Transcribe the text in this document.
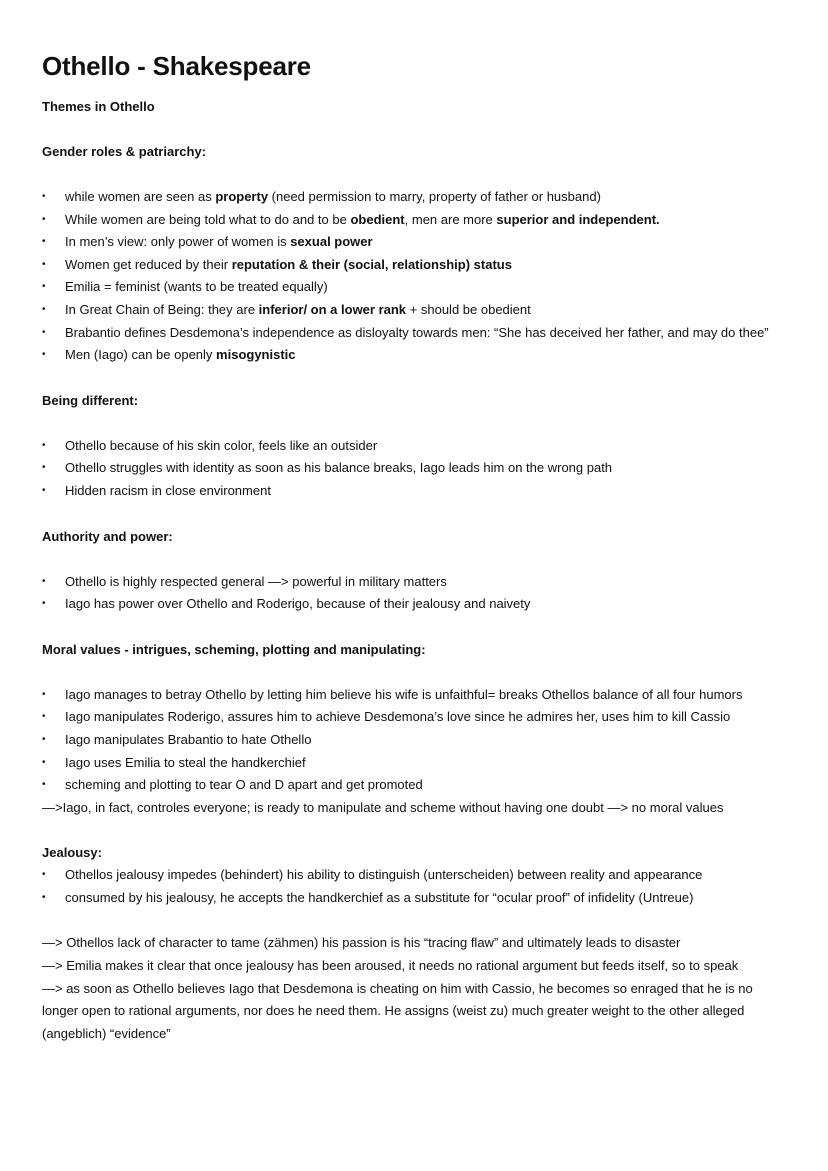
Othello - Shakespeare
Themes in Othello
Gender roles & patriarchy:
• while women are seen as property (need permission to marry, property of father or husband)
• While women are being told what to do and to be obedient, men are more superior and independent.
• In men’s view: only power of women is sexual power
• Women get reduced by their reputation & their (social, relationship) status
• Emilia = feminist (wants to be treated equally)
• In Great Chain of Being: they are inferior/ on a lower rank + should be obedient
• Brabantio defines Desdemona’s independence as disloyalty towards men: “She has deceived her father, and may do thee”
• Men (Iago) can be openly misogynistic
Being different:
• Othello because of his skin color, feels like an outsider
• Othello struggles with identity as soon as his balance breaks, Iago leads him on the wrong path
• Hidden racism in close environment
Authority and power:
• Othello is highly respected general —> powerful in military matters
• Iago has power over Othello and Roderigo, because of their jealousy and naivety
Moral values - intrigues, scheming, plotting and manipulating:
• Iago manages to betray Othello by letting him believe his wife is unfaithful= breaks Othellos balance of all four humors
• Iago manipulates Roderigo, assures him to achieve Desdemona’s love since he admires her, uses him to kill Cassio
• Iago manipulates Brabantio to hate Othello
• Iago uses Emilia to steal the handkerchief
• scheming and plotting to tear O and D apart and get promoted
—>Iago, in fact, controles everyone; is ready to manipulate and scheme without having one doubt —> no moral values
Jealousy:
• Othellos jealousy impedes (behindert) his ability to distinguish (unterscheiden) between reality and appearance
• consumed by his jealousy, he accepts the handkerchief as a substitute for “ocular proof” of infidelity (Untreue)
—> Othellos lack of character to tame (zähmen) his passion is his “tracing flaw” and ultimately leads to disaster
—> Emilia makes it clear that once jealousy has been aroused, it needs no rational argument but feeds itself, so to speak
—> as soon as Othello believes Iago that Desdemona is cheating on him with Cassio, he becomes so enraged that he is no longer open to rational arguments, nor does he need them. He assigns (weist zu) much greater weight to the other alleged (angeblich) “evidence”
